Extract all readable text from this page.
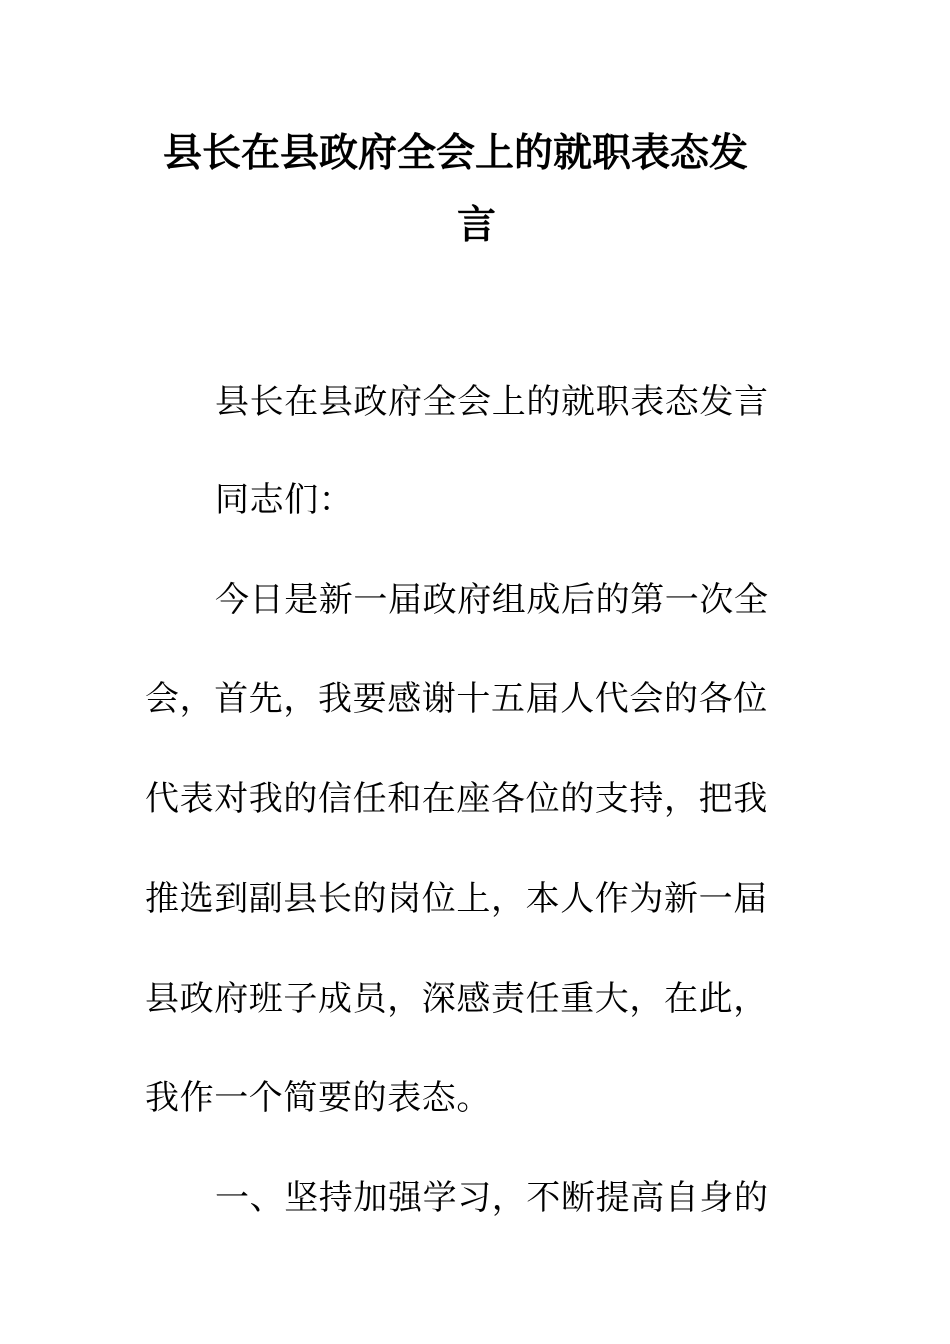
县长在县政府全会上的就职表态发
言
县长在县政府全会上的就职表态发言
同志们：
今日是新一届政府组成后的第一次全
会，首先，我要感谢十五届人代会的各位
代表对我的信任和在座各位的支持，把我
推选到副县长的岗位上，本人作为新一届
县政府班子成员，深感责任重大，在此，
我作一个简要的表态。
一、坚持加强学习，不断提高自身的
